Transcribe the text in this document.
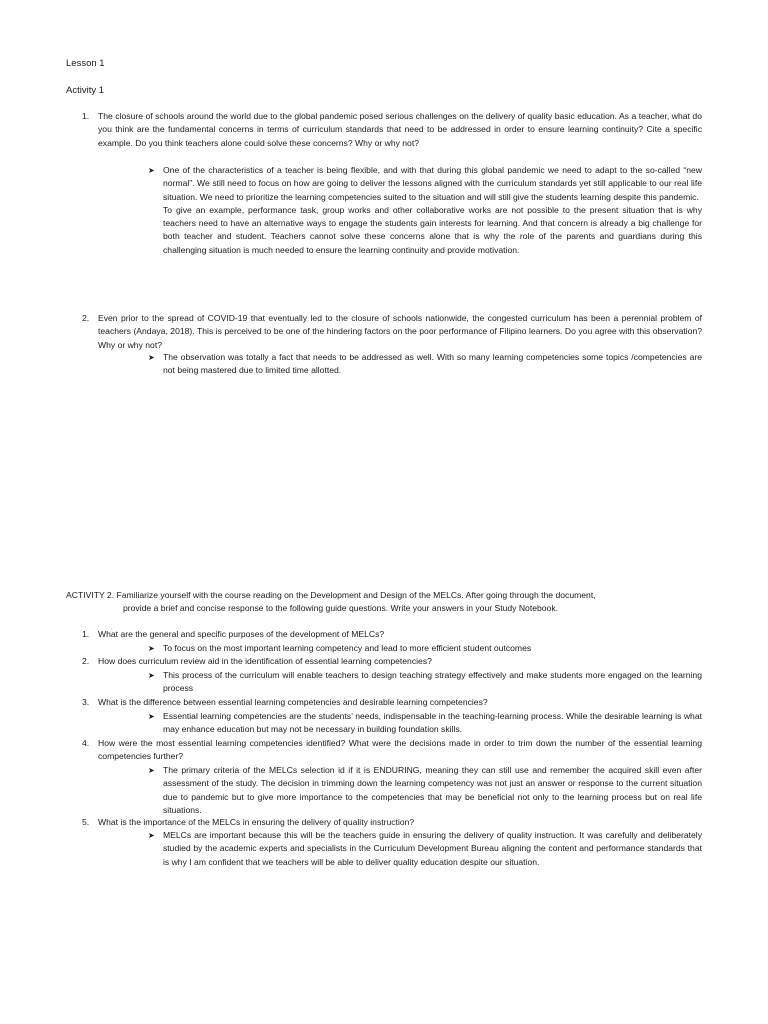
Lesson 1
Activity 1
1. The closure of schools around the world due to the global pandemic posed serious challenges on the delivery of quality basic education. As a teacher, what do you think are the fundamental concerns in terms of curriculum standards that need to be addressed in order to ensure learning continuity? Cite a specific example. Do you think teachers alone could solve these concerns? Why or why not?
➤ One of the characteristics of a teacher is being flexible, and with that during this global pandemic we need to adapt to the so-called “new normal”. We still need to focus on how are going to deliver the lessons aligned with the curriculum standards yet still applicable to our real life situation. We need to prioritize the learning competencies suited to the situation and will still give the students learning despite this pandemic.

To give an example, performance task, group works and other collaborative works are not possible to the present situation that is why teachers need to have an alternative ways to engage the students gain interests for learning. And that concern is already a big challenge for both teacher and student. Teachers cannot solve these concerns alone that is why the role of the parents and guardians during this challenging situation is much needed to ensure the learning continuity and provide motivation.

2. Even prior to the spread of COVID-19 that eventually led to the closure of schools nationwide, the congested curriculum has been a perennial problem of teachers (Andaya, 2018). This is perceived to be one of the hindering factors on the poor performance of Filipino learners. Do you agree with this observation? Why or why not?
➤ The observation was totally a fact that needs to be addressed as well. With so many learning competencies some topics /competencies are not being mastered due to limited time allotted.

ACTIVITY 2. Familiarize yourself with the course reading on the Development and Design of the MELCs. After going through the document,
provide a brief and concise response to the following guide questions. Write your answers in your Study Notebook.
1. What are the general and specific purposes of the development of MELCs?
➤ To focus on the most important learning competency and lead to more efficient student outcomes
2. How does curriculum review aid in the identification of essential learning competencies?
➤ This process of the curriculum will enable teachers to design teaching strategy effectively and make students more engaged on the learning process
3. What is the difference between essential learning competencies and desirable learning competencies?
➤ Essential learning competencies are the students’ needs, indispensable in the teaching-learning process. While the desirable learning is what may enhance education but may not be necessary in building foundation skills.
4. How were the most essential learning competencies identified? What were the decisions made in order to trim down the number of the essential learning competencies further?
➤ The primary criteria of the MELCs selection id if it is ENDURING, meaning they can still use and remember the acquired skill even after assessment of the study. The decision in trimming down the learning competency was not just an answer or response to the current situation due to pandemic but to give more importance to the competencies that may be beneficial not only to the learning process but on real life situations.
5. What is the importance of the MELCs in ensuring the delivery of quality instruction?
➤ MELCs are important because this will be the teachers guide in ensuring the delivery of quality instruction. It was carefully and deliberately studied by the academic experts and specialists in the Curriculum Development Bureau aligning the content and performance standards that is why I am confident that we teachers will be able to deliver quality education despite our situation.
